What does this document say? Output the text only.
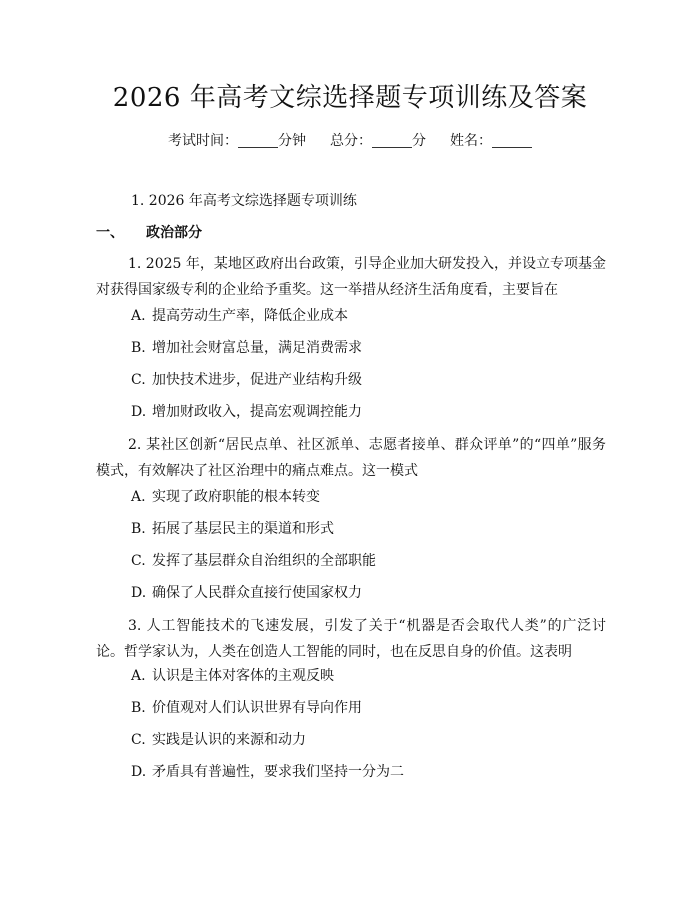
2026 年高考文综选择题专项训练及答案
考试时间：	分钟 总分：	分 姓名：
1. 2026 年高考文综选择题专项训练
一、 政治部分
1. 2025 年，某地区政府出台政策，引导企业加大研发投入，并设立专项基金对获得国家级专利的企业给予重奖。这一举措从经济生活角度看，主要旨在
A. 提高劳动生产率，降低企业成本
B. 增加社会财富总量，满足消费需求
C. 加快技术进步，促进产业结构升级
D. 增加财政收入，提高宏观调控能力
2. 某社区创新“居民点单、社区派单、志愿者接单、群众评单”的“四单”服务模式，有效解决了社区治理中的痛点难点。这一模式
A. 实现了政府职能的根本转变
B. 拓展了基层民主的渠道和形式
C. 发挥了基层群众自治组织的全部职能
D. 确保了人民群众直接行使国家权力
3. 人工智能技术的飞速发展，引发了关于“机器是否会取代人类”的广泛讨论。哲学家认为，人类在创造人工智能的同时，也在反思自身的价值。这表明
A. 认识是主体对客体的主观反映
B. 价值观对人们认识世界有导向作用
C. 实践是认识的来源和动力
D. 矛盾具有普遍性，要求我们坚持一分为二
